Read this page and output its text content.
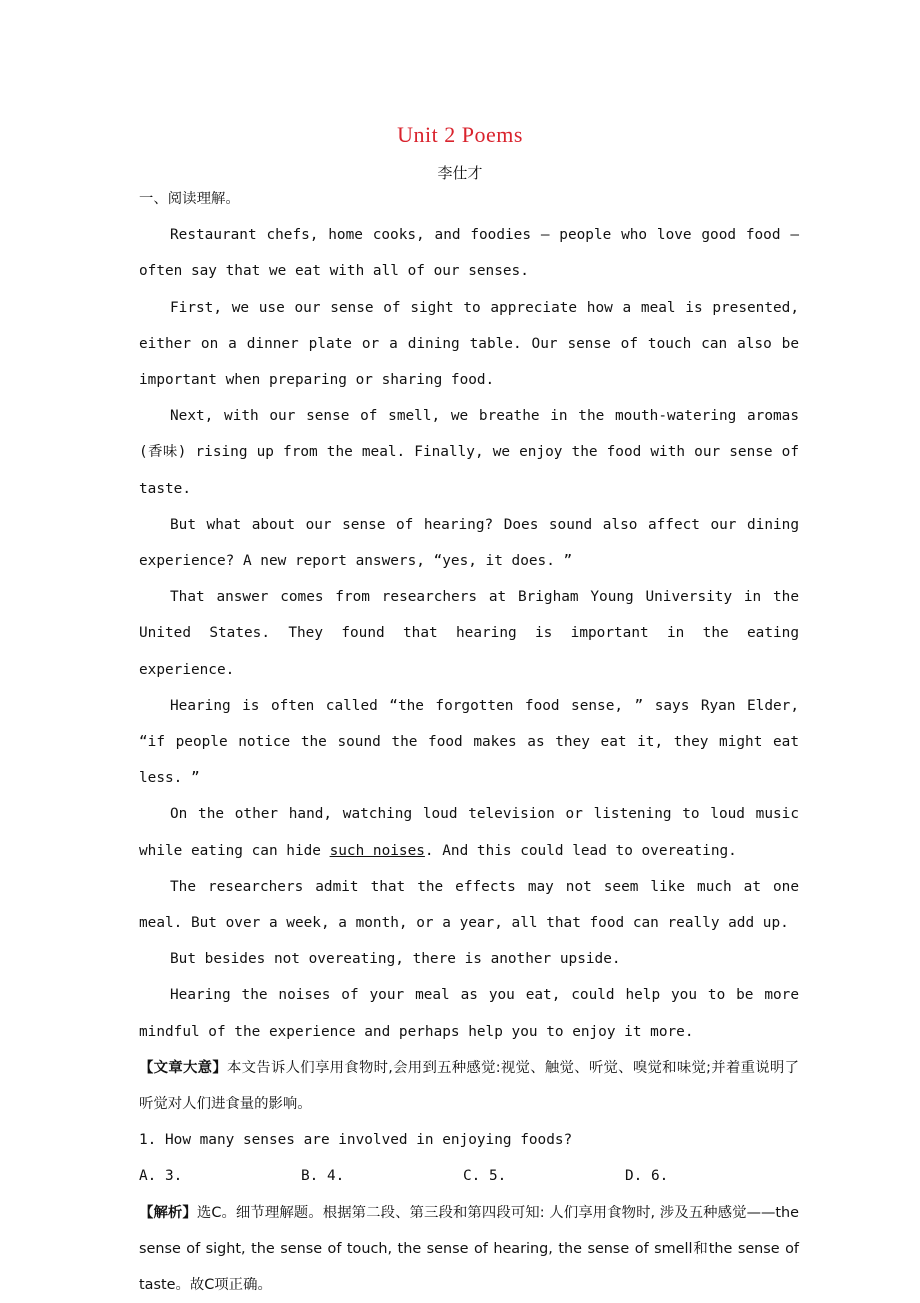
Unit 2 Poems
李仕才

一、阅读理解。

Restaurant chefs, home cooks, and foodies — people who love good food — often say that we eat with all of our senses.

First, we use our sense of sight to appreciate how a meal is presented, either on a dinner plate or a dining table. Our sense of touch can also be important when preparing or sharing food.

Next, with our sense of smell, we breathe in the mouth-watering aromas (香味) rising up from the meal. Finally, we enjoy the food with our sense of taste.

But what about our sense of hearing? Does sound also affect our dining experience? A new report answers, “yes, it does. ”

That answer comes from researchers at Brigham Young University in the United States. They found that hearing is important in the eating experience.

Hearing is often called “the forgotten food sense, ” says Ryan Elder, “if people notice the sound the food makes as they eat it, they might eat less. ”

On the other hand, watching loud television or listening to loud music while eating can hide such noises. And this could lead to overeating.

The researchers admit that the effects may not seem like much at one meal. But over a week, a month, or a year, all that food can really add up.

But besides not overeating, there is another upside.

Hearing the noises of your meal as you eat, could help you to be more mindful of the experience and perhaps help you to enjoy it more.

【文章大意】本文告诉人们享用食物时,会用到五种感觉:视觉、触觉、听觉、嗅觉和味觉;并着重说明了听觉对人们进食量的影响。

1. How many senses are involved in enjoying foods?

A. 3.	B. 4.	C. 5.	D. 6.

【解析】选C。细节理解题。根据第二段、第三段和第四段可知: 人们享用食物时, 涉及五种感觉——the sense of sight, the sense of touch, the sense of hearing, the sense of smell和the sense of taste。故C项正确。
